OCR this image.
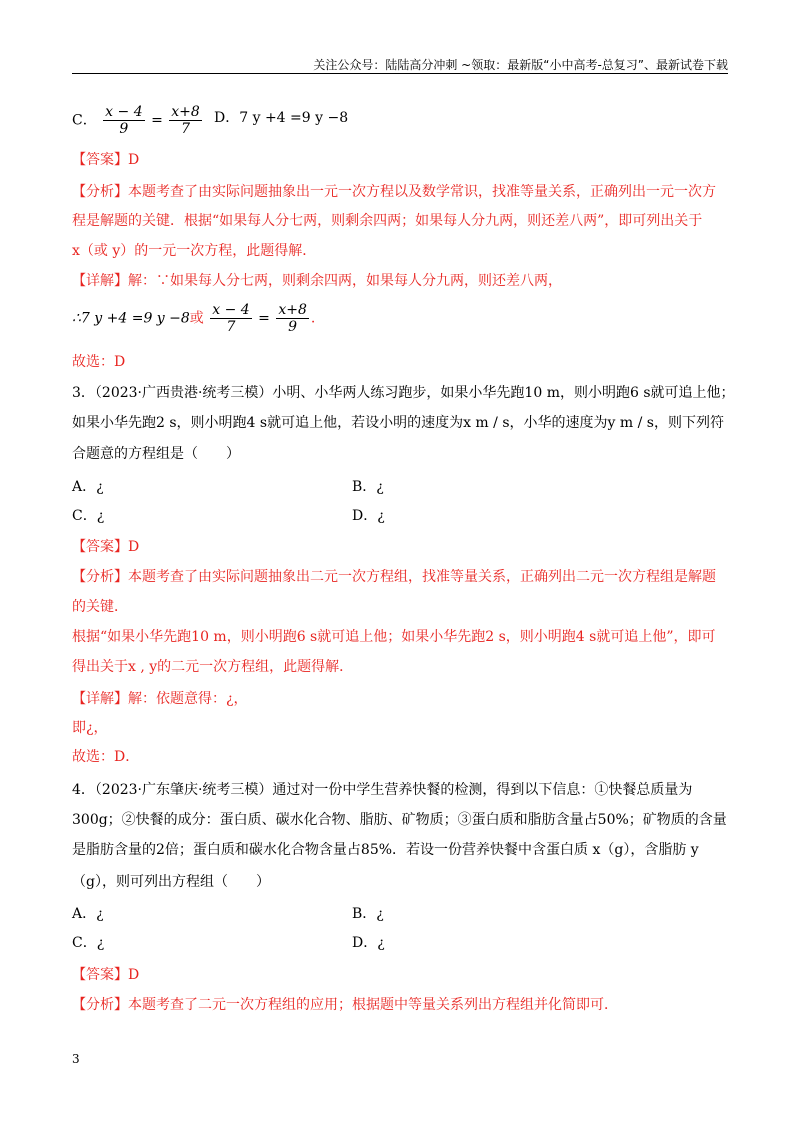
关注公众号：陆陆高分冲刺 ~领取：最新版“小中高考-总复习”、最新试卷下载
C． $\frac{x - 4}{9} = \frac{x+8}{7}$ D．7 y +4 =9 y −8
【答案】D
【分析】本题考查了由实际问题抽象出一元一次方程以及数学常识，找准等量关系，正确列出一元一次方
程是解题的关键．根据“如果每人分七两，则剩余四两；如果每人分九两，则还差八两”，即可列出关于
x（或 y）的一元一次方程，此题得解．
【详解】解：∵如果每人分七两，则剩余四两，如果每人分九两，则还差八两，
∴7 y +4 =9 y −8或 $\frac{x - 4}{7} = \frac{x+8}{9}$ .
故选：D
3．（2023·广西贵港·统考三模）小明、小华两人练习跑步，如果小华先跑10 m，则小明跑6 s就可追上他；
如果小华先跑2 s，则小明跑4 s就可追上他，若设小明的速度为x m / s，小华的速度为y m / s，则下列符
合题意的方程组是（　　）
A．¿	B．¿
C．¿	D．¿
【答案】D
【分析】本题考查了由实际问题抽象出二元一次方程组，找准等量关系，正确列出二元一次方程组是解题
的关键．
根据“如果小华先跑10 m，则小明跑6 s就可追上他；如果小华先跑2 s，则小明跑4 s就可追上他”，即可
得出关于x , y的二元一次方程组，此题得解．
【详解】解：依题意得：¿，
即¿，
故选：D．
4．（2023·广东肇庆·统考三模）通过对一份中学生营养快餐的检测，得到以下信息：①快餐总质量为
300g；②快餐的成分：蛋白质、碳水化合物、脂肪、矿物质；③蛋白质和脂肪含量占50%；矿物质的含量
是脂肪含量的2倍；蛋白质和碳水化合物含量占85%．若设一份营养快餐中含蛋白质 x（g），含脂肪 y
（g），则可列出方程组（　　）
A．¿	B．¿
C．¿	D．¿
【答案】D
【分析】本题考查了二元一次方程组的应用；根据题中等量关系列出方程组并化简即可．
3
